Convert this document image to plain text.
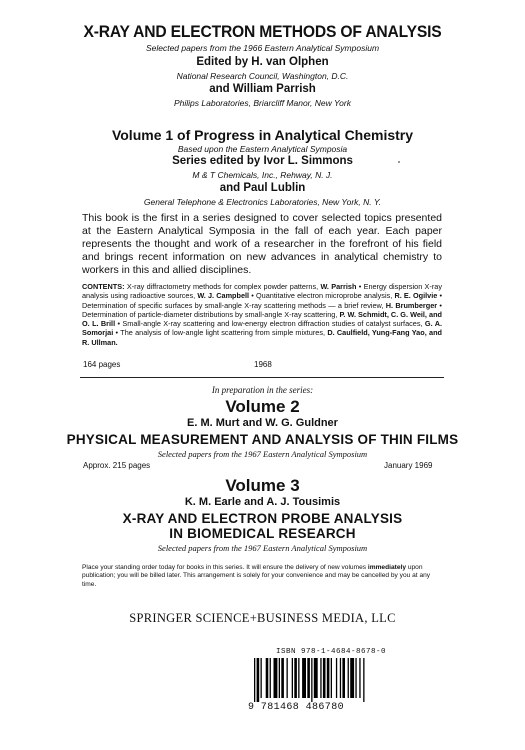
X-RAY AND ELECTRON METHODS OF ANALYSIS
Selected papers from the 1966 Eastern Analytical Symposium
Edited by H. van Olphen
National Research Council, Washington, D.C.
and William Parrish
Philips Laboratories, Briarcliff Manor, New York
Volume 1 of Progress in Analytical Chemistry
Based upon the Eastern Analytical Symposia
Series edited by Ivor L. Simmons
M & T Chemicals, Inc., Rehway, N. J.
and Paul Lublin
General Telephone & Electronics Laboratories, New York, N. Y.
This book is the first in a series designed to cover selected topics presented at the Eastern Analytical Symposia in the fall of each year. Each paper represents the thought and work of a researcher in the forefront of his field and brings recent information on new advances in analytical chemistry to workers in this and allied disciplines.
CONTENTS: X-ray diffractometry methods for complex powder patterns, W. Parrish • Energy dispersion X-ray analysis using radioactive sources, W. J. Campbell • Quantitative electron microprobe analysis, R. E. Ogilvie • Determination of specific surfaces by small-angle X-ray scattering methods — a brief review, H. Brumberger • Determination of particle-diameter distributions by small-angle X-ray scattering, P. W. Schmidt, C. G. Weil, and O. L. Brill • Small-angle X-ray scattering and low-energy electron diffraction studies of catalyst surfaces, G. A. Somorjai • The analysis of low-angle light scattering from simple mixtures, D. Caulfield, Yung-Fang Yao, and R. Ullman.
164 pages	1968
In preparation in the series:
Volume 2
E. M. Murt and W. G. Guldner
PHYSICAL MEASUREMENT AND ANALYSIS OF THIN FILMS
Selected papers from the 1967 Eastern Analytical Symposium
Approx. 215 pages	January 1969
Volume 3
K. M. Earle and A. J. Tousimis
X-RAY AND ELECTRON PROBE ANALYSIS
IN BIOMEDICAL RESEARCH
Selected papers from the 1967 Eastern Analytical Symposium
Place your standing order today for books in this series. It will ensure the delivery of new volumes immediately upon publication; you will be billed later. This arrangement is solely for your convenience and may be cancelled by you at any time.
SPRINGER SCIENCE+BUSINESS MEDIA, LLC
ISBN 978-1-4684-8678-0
9 781468 486780
